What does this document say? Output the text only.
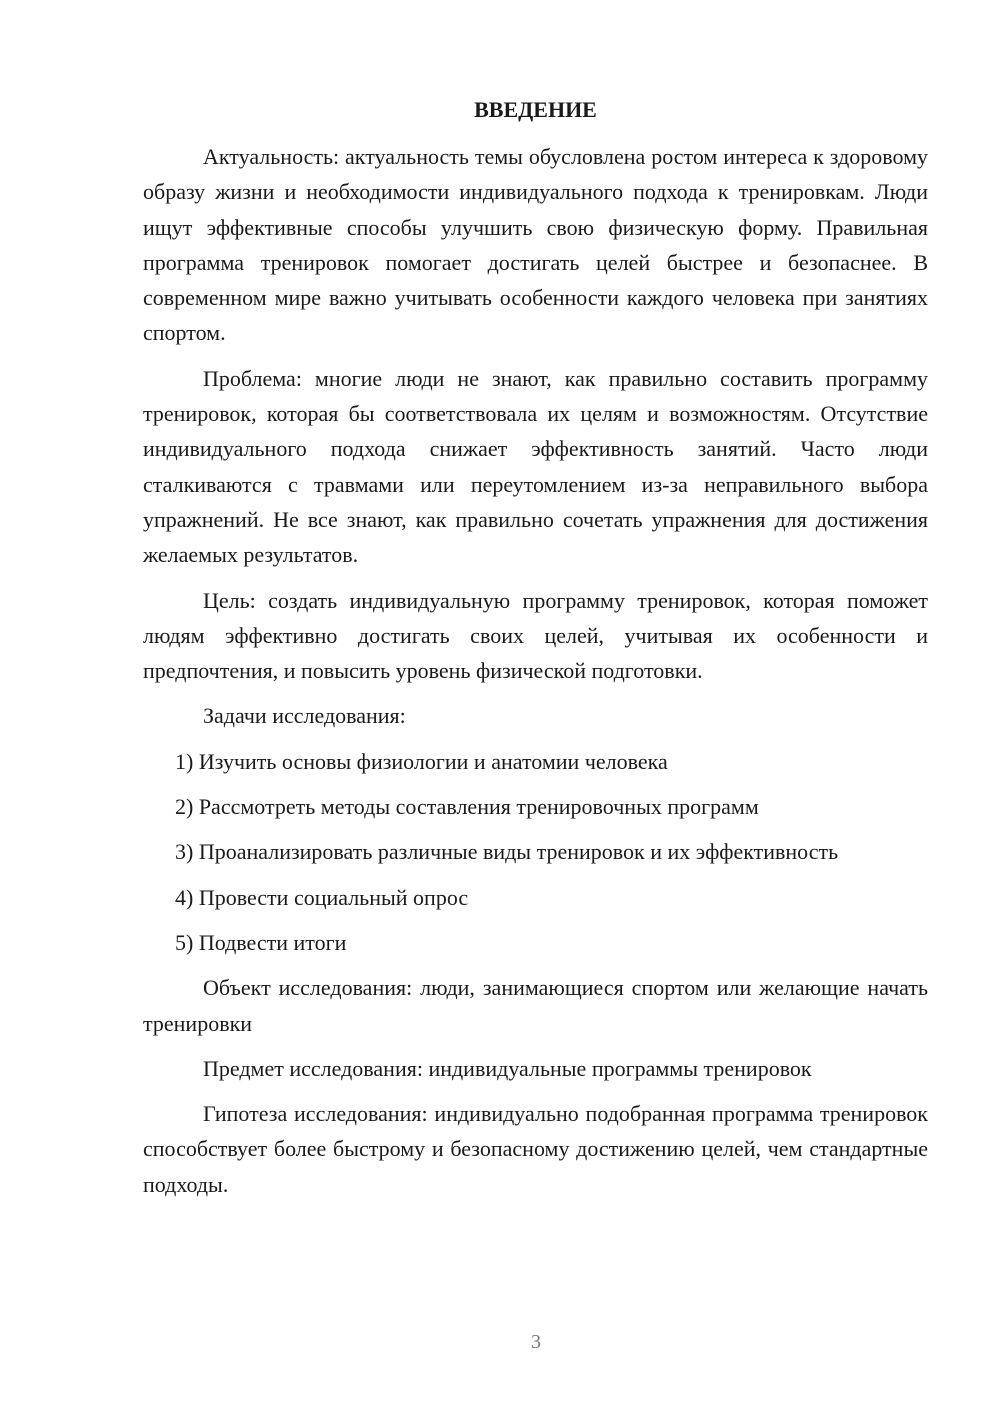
ВВЕДЕНИЕ

Актуальность: актуальность темы обусловлена ростом интереса к здоровому образу жизни и необходимости индивидуального подхода к тренировкам. Люди ищут эффективные способы улучшить свою физическую форму. Правильная программа тренировок помогает достигать целей быстрее и безопаснее. В современном мире важно учитывать особенности каждого человека при занятиях спортом.

Проблема: многие люди не знают, как правильно составить программу тренировок, которая бы соответствовала их целям и возможностям. Отсутствие индивидуального подхода снижает эффективность занятий. Часто люди сталкиваются с травмами или переутомлением из-за неправильного выбора упражнений. Не все знают, как правильно сочетать упражнения для достижения желаемых результатов.

Цель: создать индивидуальную программу тренировок, которая поможет людям эффективно достигать своих целей, учитывая их особенности и предпочтения, и повысить уровень физической подготовки.

Задачи исследования:

1) Изучить основы физиологии и анатомии человека
2) Рассмотреть методы составления тренировочных программ
3) Проанализировать различные виды тренировок и их эффективность
4) Провести социальный опрос
5) Подвести итоги

Объект исследования: люди, занимающиеся спортом или желающие начать тренировки

Предмет исследования: индивидуальные программы тренировок

Гипотеза исследования: индивидуально подобранная программа тренировок способствует более быстрому и безопасному достижению целей, чем стандартные подходы.

3
